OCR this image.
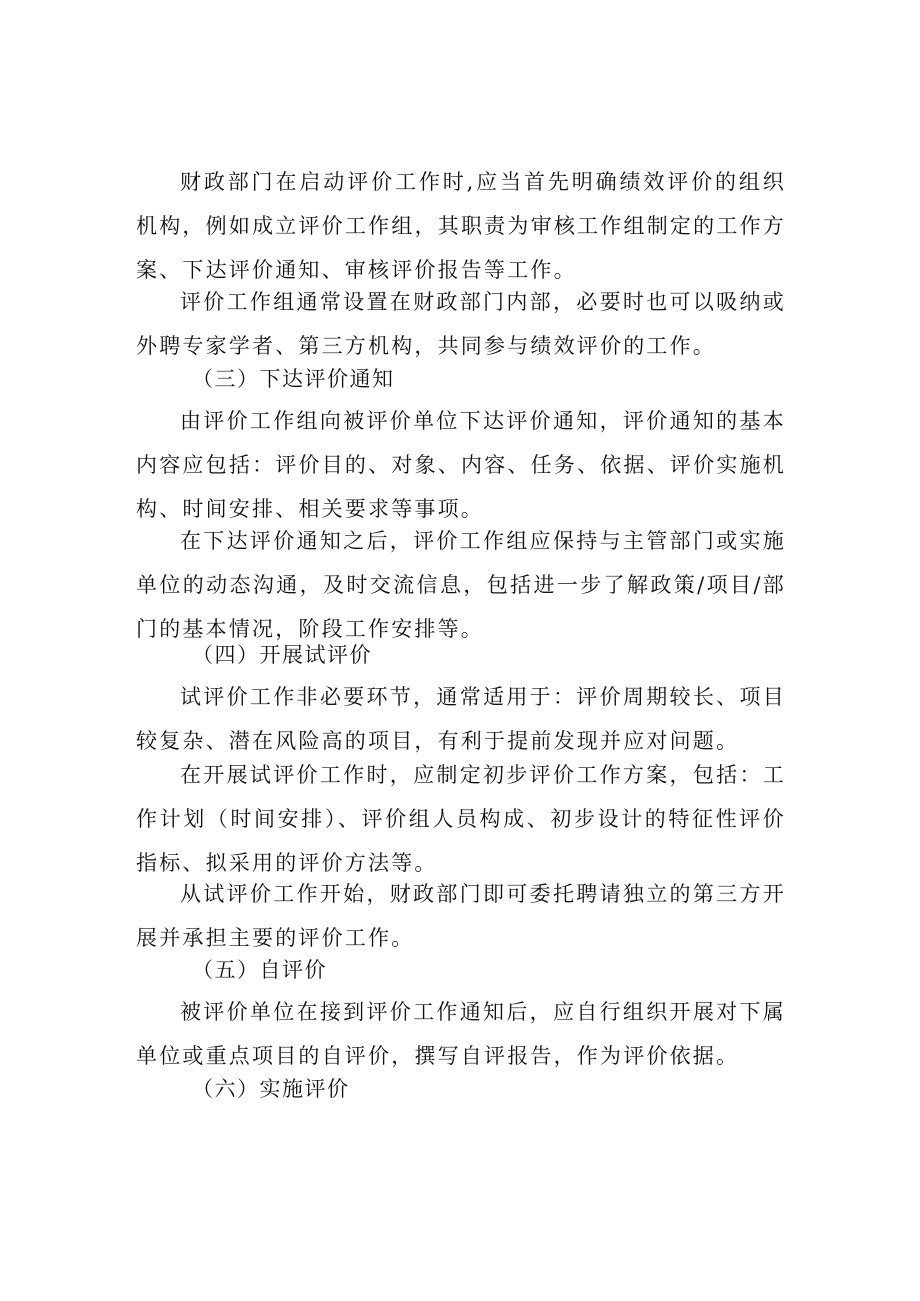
财政部门在启动评价工作时,应当首先明确绩效评价的组织机构，例如成立评价工作组，其职责为审核工作组制定的工作方案、下达评价通知、审核评价报告等工作。

评价工作组通常设置在财政部门内部，必要时也可以吸纳或外聘专家学者、第三方机构，共同参与绩效评价的工作。

（三）下达评价通知

由评价工作组向被评价单位下达评价通知，评价通知的基本内容应包括：评价目的、对象、内容、任务、依据、评价实施机构、时间安排、相关要求等事项。

在下达评价通知之后，评价工作组应保持与主管部门或实施单位的动态沟通，及时交流信息，包括进一步了解政策/项目/部门的基本情况，阶段工作安排等。

（四）开展试评价

试评价工作非必要环节，通常适用于：评价周期较长、项目较复杂、潜在风险高的项目，有利于提前发现并应对问题。

在开展试评价工作时，应制定初步评价工作方案，包括：工作计划（时间安排）、评价组人员构成、初步设计的特征性评价指标、拟采用的评价方法等。

从试评价工作开始，财政部门即可委托聘请独立的第三方开展并承担主要的评价工作。

（五）自评价

被评价单位在接到评价工作通知后，应自行组织开展对下属单位或重点项目的自评价，撰写自评报告，作为评价依据。

（六）实施评价
